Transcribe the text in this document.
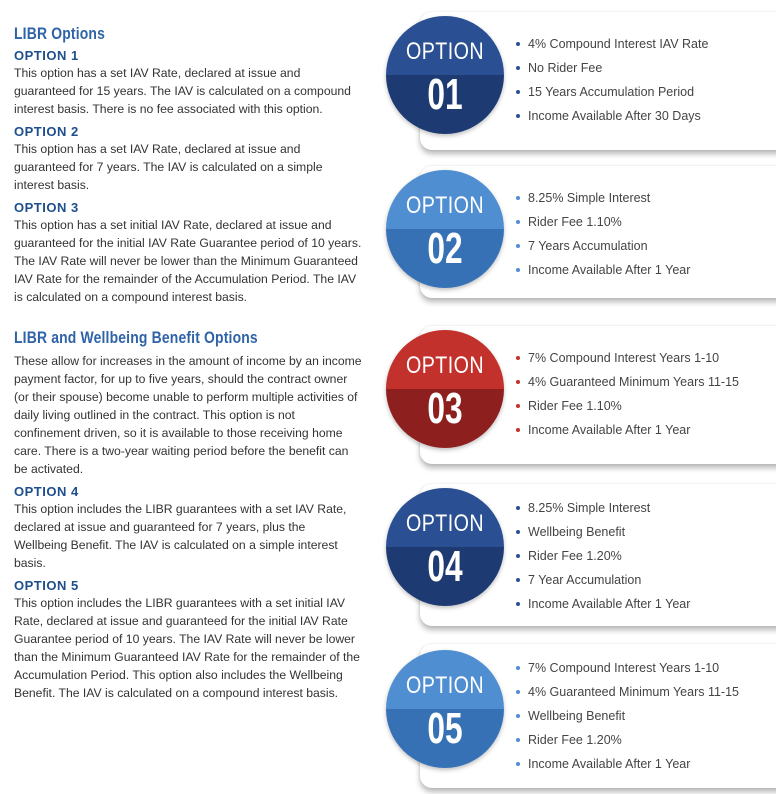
LIBR Options

OPTION 1

This option has a set IAV Rate, declared at issue and guaranteed for 15 years. The IAV is calculated on a compound interest basis. There is no fee associated with this option.

OPTION 2

This option has a set IAV Rate, declared at issue and guaranteed for 7 years. The IAV is calculated on a simple interest basis.

OPTION 3

This option has a set initial IAV Rate, declared at issue and guaranteed for the initial IAV Rate Guarantee period of 10 years. The IAV Rate will never be lower than the Minimum Guaranteed IAV Rate for the remainder of the Accumulation Period. The IAV is calculated on a compound interest basis.

LIBR and Wellbeing Benefit Options

These allow for increases in the amount of income by an income payment factor, for up to five years, should the contract owner (or their spouse) become unable to perform multiple activities of daily living outlined in the contract. This option is not confinement driven, so it is available to those receiving home care. There is a two-year waiting period before the benefit can be activated.

OPTION 4

This option includes the LIBR guarantees with a set IAV Rate, declared at issue and guaranteed for 7 years, plus the Wellbeing Benefit. The IAV is calculated on a simple interest basis.

OPTION 5

This option includes the LIBR guarantees with a set initial IAV Rate, declared at issue and guaranteed for the initial IAV Rate Guarantee period of 10 years. The IAV Rate will never be lower than the Minimum Guaranteed IAV Rate for the remainder of the Accumulation Period. This option also includes the Wellbeing Benefit. The IAV is calculated on a compound interest basis.

4% Compound Interest IAV Rate
No Rider Fee
15 Years Accumulation Period
Income Available After 30 Days
OPTION
01
8.25% Simple Interest
Rider Fee 1.10%
7 Years Accumulation
Income Available After 1 Year
OPTION
02
7% Compound Interest Years 1-10
4% Guaranteed Minimum Years 11-15
Rider Fee 1.10%
Income Available After 1 Year
OPTION
03
8.25% Simple Interest
Wellbeing Benefit
Rider Fee 1.20%
7 Year Accumulation
Income Available After 1 Year
OPTION
04
7% Compound Interest Years 1-10
4% Guaranteed Minimum Years 11-15
Wellbeing Benefit
Rider Fee 1.20%
Income Available After 1 Year
OPTION
05
